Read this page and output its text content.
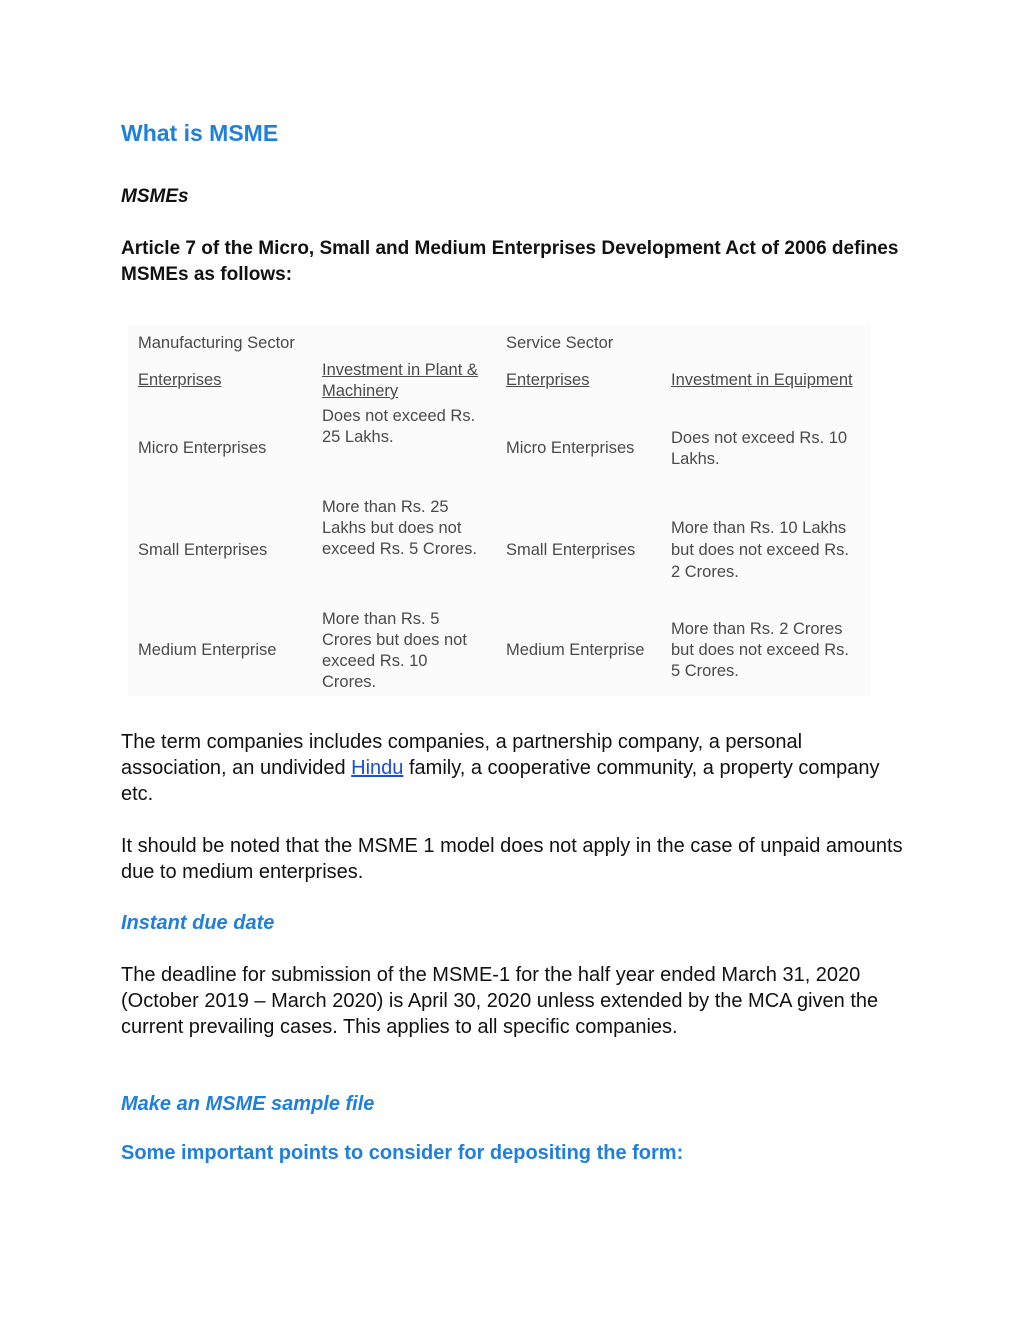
What is MSME
MSMEs

Article 7 of the Micro, Small and Medium Enterprises Development Act of 2006 defines MSMEs as follows:

Manufacturing Sector	Service Sector
Enterprises
Investment in Plant &
Machinery
Enterprises	Investment in Equipment
Micro Enterprises
Does not exceed Rs.
25 Lakhs.
Micro Enterprises
Does not exceed Rs. 10
Lakhs.
Small Enterprises
More than Rs. 25
Lakhs but does not
exceed Rs. 5 Crores. Small Enterprises
More than Rs. 10 Lakhs
but does not exceed Rs.
2 Crores.
Medium Enterprise
More than Rs. 5
Crores but does not
exceed Rs. 10
Crores.
Medium Enterprise
More than Rs. 2 Crores
but does not exceed Rs.
5 Crores.

The term companies includes companies, a partnership company, a personal association, an undivided Hindu family, a cooperative community, a property company etc.

It should be noted that the MSME 1 model does not apply in the case of unpaid amounts due to medium enterprises.

Instant due date

The deadline for submission of the MSME-1 for the half year ended March 31, 2020 (October 2019 – March 2020) is April 30, 2020 unless extended by the MCA given the current prevailing cases. This applies to all specific companies.

Make an MSME sample file
Some important points to consider for depositing the form:
